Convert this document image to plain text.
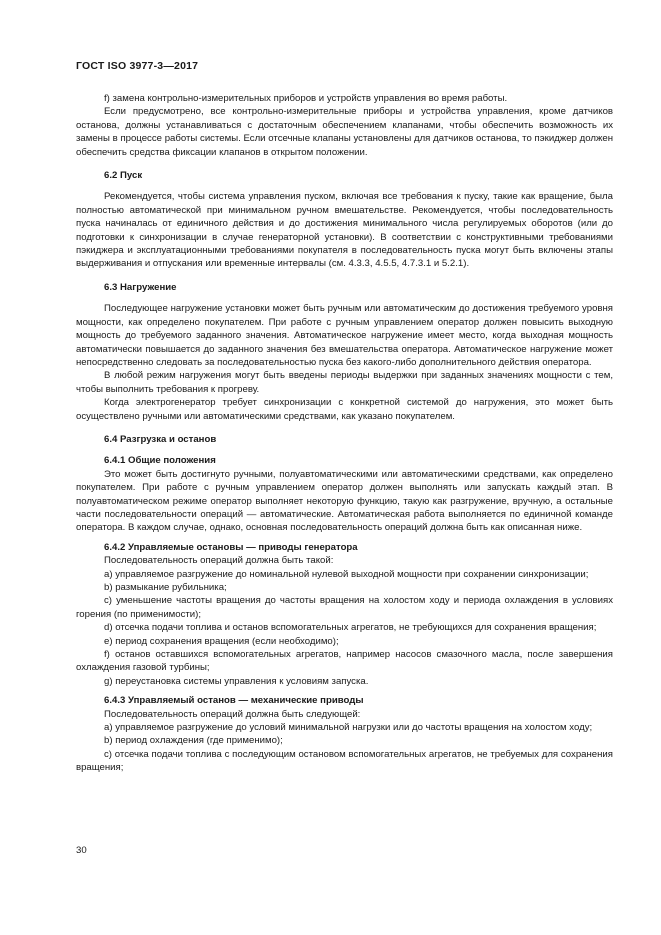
ГОСТ ISO 3977-3—2017

f) замена контрольно-измерительных приборов и устройств управления во время работы.

Если предусмотрено, все контрольно-измерительные приборы и устройства управления, кроме датчиков останова, должны устанавливаться с достаточным обеспечением клапанами, чтобы обеспечить возможность их замены в процессе работы системы. Если отсечные клапаны установлены для датчиков останова, то пэкиджер должен обеспечить средства фиксации клапанов в открытом положении.

6.2 Пуск

Рекомендуется, чтобы система управления пуском, включая все требования к пуску, такие как вращение, была полностью автоматической при минимальном ручном вмешательстве. Рекомендуется, чтобы последовательность пуска начиналась от единичного действия и до достижения минимального числа регулируемых оборотов (или до подготовки к синхронизации в случае генераторной установки). В соответствии с конструктивными требованиями пэкиджера и эксплуатационными требованиями покупателя в последовательность пуска могут быть включены этапы выдерживания и отпускания или временные интервалы (см. 4.3.3, 4.5.5, 4.7.3.1 и 5.2.1).

6.3 Нагружение

Последующее нагружение установки может быть ручным или автоматическим до достижения требуемого уровня мощности, как определено покупателем. При работе с ручным управлением оператор должен повысить выходную мощность до требуемого заданного значения. Автоматическое нагружение имеет место, когда выходная мощность автоматически повышается до заданного значения без вмешательства оператора. Автоматическое нагружение может непосредственно следовать за последовательностью пуска без какого-либо дополнительного действия оператора.

В любой режим нагружения могут быть введены периоды выдержки при заданных значениях мощности с тем, чтобы выполнить требования к прогреву.

Когда электрогенератор требует синхронизации с конкретной системой до нагружения, это может быть осуществлено ручными или автоматическими средствами, как указано покупателем.

6.4 Разгрузка и останов
6.4.1 Общие положения

Это может быть достигнуто ручными, полуавтоматическими или автоматическими средствами, как определено покупателем. При работе с ручным управлением оператор должен выполнять или запускать каждый этап. В полуавтоматическом режиме оператор выполняет некоторую функцию, такую как разгружение, вручную, а остальные части последовательности операций — автоматические. Автоматическая работа выполняется по единичной команде оператора. В каждом случае, однако, основная последовательность операций должна быть как описанная ниже.

6.4.2 Управляемые остановы — приводы генератора

Последовательность операций должна быть такой:

a) управляемое разгружение до номинальной нулевой выходной мощности при сохранении синхронизации;

b) размыкание рубильника;

c) уменьшение частоты вращения до частоты вращения на холостом ходу и периода охлаждения в условиях горения (по применимости);

d) отсечка подачи топлива и останов вспомогательных агрегатов, не требующихся для сохранения вращения;

e) период сохранения вращения (если необходимо);

f) останов оставшихся вспомогательных агрегатов, например насосов смазочного масла, после завершения охлаждения газовой турбины;

g) переустановка системы управления к условиям запуска.

6.4.3 Управляемый останов — механические приводы

Последовательность операций должна быть следующей:

a) управляемое разгружение до условий минимальной нагрузки или до частоты вращения на холостом ходу;

b) период охлаждения (где применимо);

c) отсечка подачи топлива с последующим остановом вспомогательных агрегатов, не требуемых для сохранения вращения;

30
